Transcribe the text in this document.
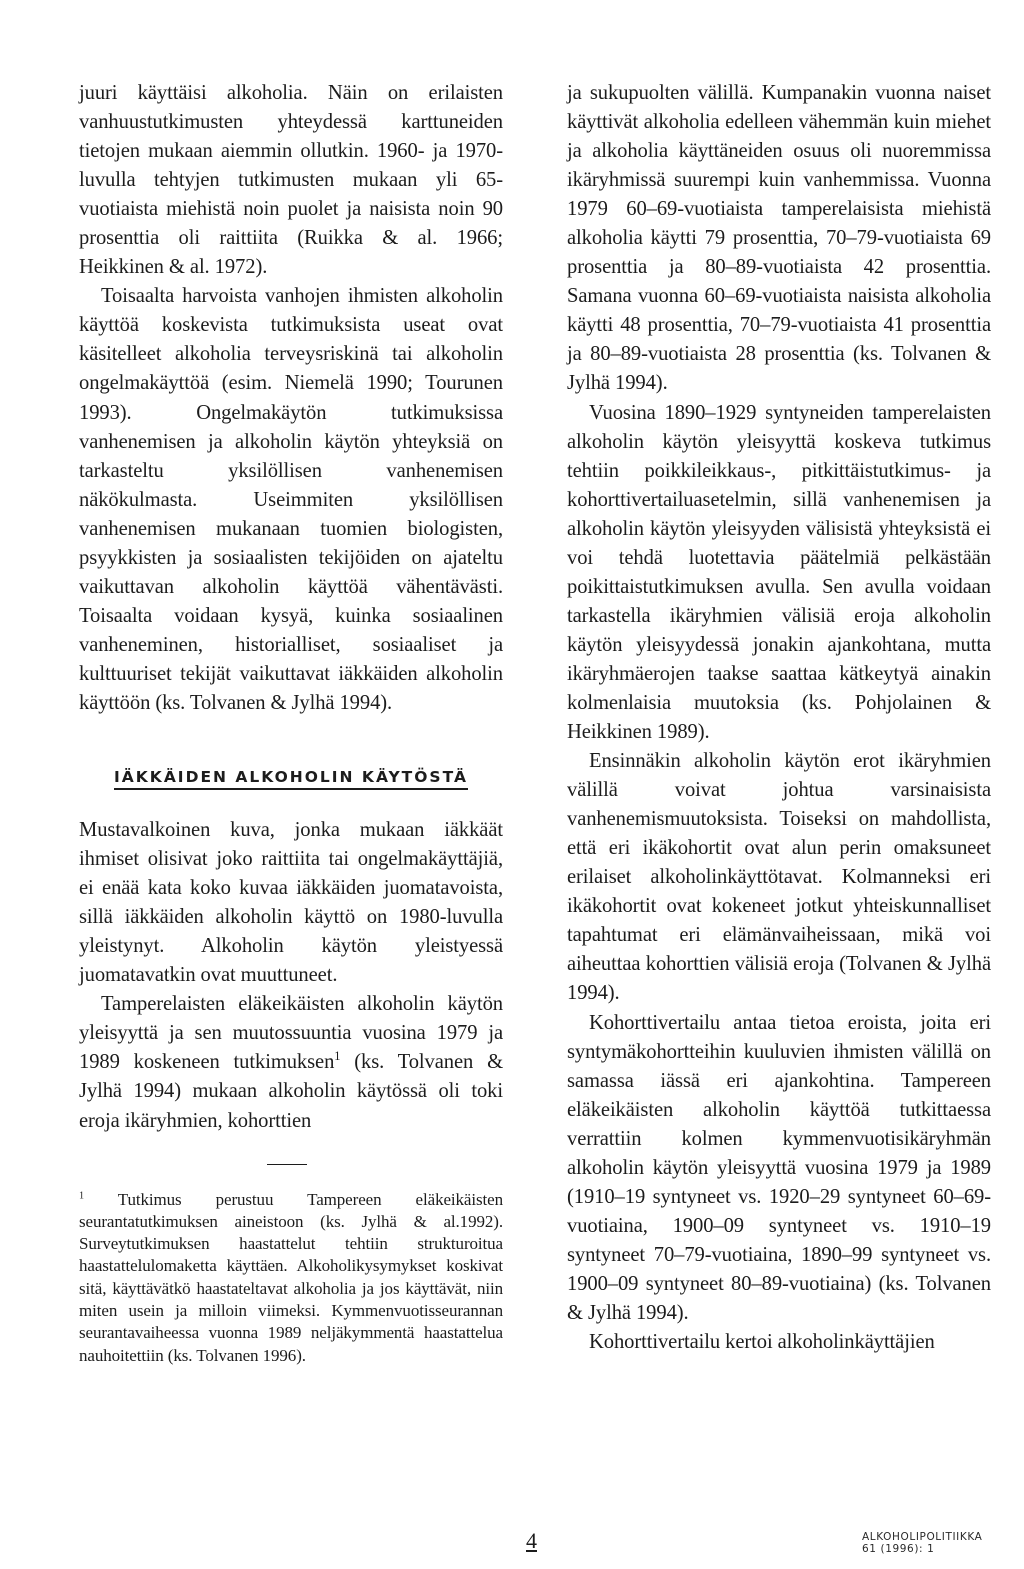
juuri käyttäisi alkoholia. Näin on erilaisten vanhuustutkimusten yhteydessä karttuneiden tietojen mukaan aiemmin ollutkin. 1960- ja 1970-luvulla tehtyjen tutkimusten mukaan yli 65-vuotiaista miehistä noin puolet ja naisista noin 90 prosenttia oli raittiita (Ruikka & al. 1966; Heikkinen & al. 1972).

Toisaalta harvoista vanhojen ihmisten alkoholin käyttöä koskevista tutkimuksista useat ovat käsitelleet alkoholia terveysriskinä tai alkoholin ongelmakäyttöä (esim. Niemelä 1990; Tourunen 1993). Ongelmakäytön tutkimuksissa vanhenemisen ja alkoholin käytön yhteyksiä on tarkasteltu yksilöllisen vanhenemisen näkökulmasta. Useimmiten yksilöllisen vanhenemisen mukanaan tuomien biologisten, psyykkisten ja sosiaalisten tekijöiden on ajateltu vaikuttavan alkoholin käyttöä vähentävästi. Toisaalta voidaan kysyä, kuinka sosiaalinen vanheneminen, historialliset, sosiaaliset ja kulttuuriset tekijät vaikuttavat iäkkäiden alkoholin käyttöön (ks. Tolvanen & Jylhä 1994).

IÄKKÄIDEN ALKOHOLIN KÄYTÖSTÄ

Mustavalkoinen kuva, jonka mukaan iäkkäät ihmiset olisivat joko raittiita tai ongelmakäyttäjiä, ei enää kata koko kuvaa iäkkäiden juomatavoista, sillä iäkkäiden alkoholin käyttö on 1980-luvulla yleistynyt. Alkoholin käytön yleistyessä juomatavatkin ovat muuttuneet.

Tamperelaisten eläkeikäisten alkoholin käytön yleisyyttä ja sen muutossuuntia vuosina 1979 ja 1989 koskeneen tutkimuksen$^1$ (ks. Tolvanen & Jylhä 1994) mukaan alkoholin käytössä oli toki eroja ikäryhmien, kohorttien

$^1$ Tutkimus perustuu Tampereen eläkeikäisten seurantatutkimuksen aineistoon (ks. Jylhä & al.1992). Surveytutkimuksen haastattelut tehtiin strukturoitua haastattelulomaketta käyttäen. Alkoholikysymykset koskivat sitä, käyttävätkö haastateltavat alkoholia ja jos käyttävät, niin miten usein ja milloin viimeksi. Kymmenvuotisseurannan seurantavaiheessa vuonna 1989 neljäkymmentä haastattelua nauhoitettiin (ks. Tolvanen 1996).

ja sukupuolten välillä. Kumpanakin vuonna naiset käyttivät alkoholia edelleen vähemmän kuin miehet ja alkoholia käyttäneiden osuus oli nuoremmissa ikäryhmissä suurempi kuin vanhemmissa. Vuonna 1979 60–69-vuotiaista tamperelaisista miehistä alkoholia käytti 79 prosenttia, 70–79-vuotiaista 69 prosenttia ja 80–89-vuotiaista 42 prosenttia. Samana vuonna 60–69-vuotiaista naisista alkoholia käytti 48 prosenttia, 70–79-vuotiaista 41 prosenttia ja 80–89-vuotiaista 28 prosenttia (ks. Tolvanen & Jylhä 1994).

Vuosina 1890–1929 syntyneiden tamperelaisten alkoholin käytön yleisyyttä koskeva tutkimus tehtiin poikkileikkaus-, pitkittäistutkimus- ja kohorttivertailuasetelmin, sillä vanhenemisen ja alkoholin käytön yleisyyden välisistä yhteyksistä ei voi tehdä luotettavia päätelmiä pelkästään poikittaistutkimuksen avulla. Sen avulla voidaan tarkastella ikäryhmien välisiä eroja alkoholin käytön yleisyydessä jonakin ajankohtana, mutta ikäryhmäerojen taakse saattaa kätkeytyä ainakin kolmenlaisia muutoksia (ks. Pohjolainen & Heikkinen 1989).

Ensinnäkin alkoholin käytön erot ikäryhmien välillä voivat johtua varsinaisista vanhenemismuutoksista. Toiseksi on mahdollista, että eri ikäkohortit ovat alun perin omaksuneet erilaiset alkoholinkäyttötavat. Kolmanneksi eri ikäkohortit ovat kokeneet jotkut yhteiskunnalliset tapahtumat eri elämänvaiheissaan, mikä voi aiheuttaa kohorttien välisiä eroja (Tolvanen & Jylhä 1994).

Kohorttivertailu antaa tietoa eroista, joita eri syntymäkohortteihin kuuluvien ihmisten välillä on samassa iässä eri ajankohtina. Tampereen eläkeikäisten alkoholin käyttöä tutkittaessa verrattiin kolmen kymmenvuotisikäryhmän alkoholin käytön yleisyyttä vuosina 1979 ja 1989 (1910–19 syntyneet vs. 1920–29 syntyneet 60–69-vuotiaina, 1900–09 syntyneet vs. 1910–19 syntyneet 70–79-vuotiaina, 1890–99 syntyneet vs. 1900–09 syntyneet 80–89-vuotiaina) (ks. Tolvanen & Jylhä 1994).

Kohorttivertailu kertoi alkoholinkäyttäjien

4	ALKOHOLIPOLITIIKKA
61 (1996): 1
